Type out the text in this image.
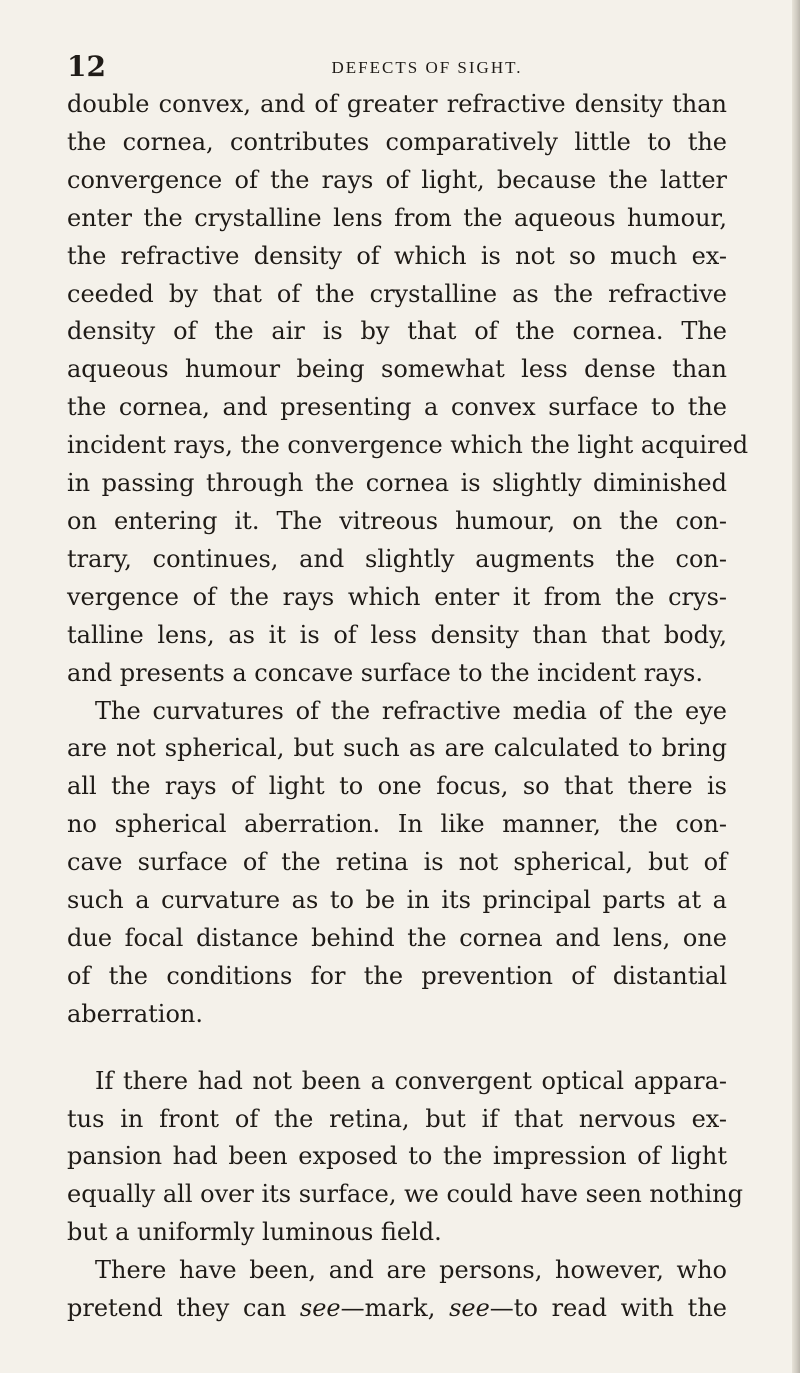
12	DEFECTS OF SIGHT.
double convex, and of greater refractive density than
the cornea, contributes comparatively little to the
convergence of the rays of light, because the latter
enter the crystalline lens from the aqueous humour,
the refractive density of which is not so much ex-
ceeded by that of the crystalline as the refractive
density of the air is by that of the cornea. The
aqueous humour being somewhat less dense than
the cornea, and presenting a convex surface to the
incident rays, the convergence which the light acquired
in passing through the cornea is slightly diminished
on entering it. The vitreous humour, on the con-
trary, continues, and slightly augments the con-
vergence of the rays which enter it from the crys-
talline lens, as it is of less density than that body,
and presents a concave surface to the incident rays.
The curvatures of the refractive media of the eye
are not spherical, but such as are calculated to bring
all the rays of light to one focus, so that there is
no spherical aberration. In like manner, the con-
cave surface of the retina is not spherical, but of
such a curvature as to be in its principal parts at a
due focal distance behind the cornea and lens, one
of the conditions for the prevention of distantial
aberration.
If there had not been a convergent optical appara-
tus in front of the retina, but if that nervous ex-
pansion had been exposed to the impression of light
equally all over its surface, we could have seen nothing
but a uniformly luminous field.
There have been, and are persons, however, who
pretend they can see—mark, see—to read with the
